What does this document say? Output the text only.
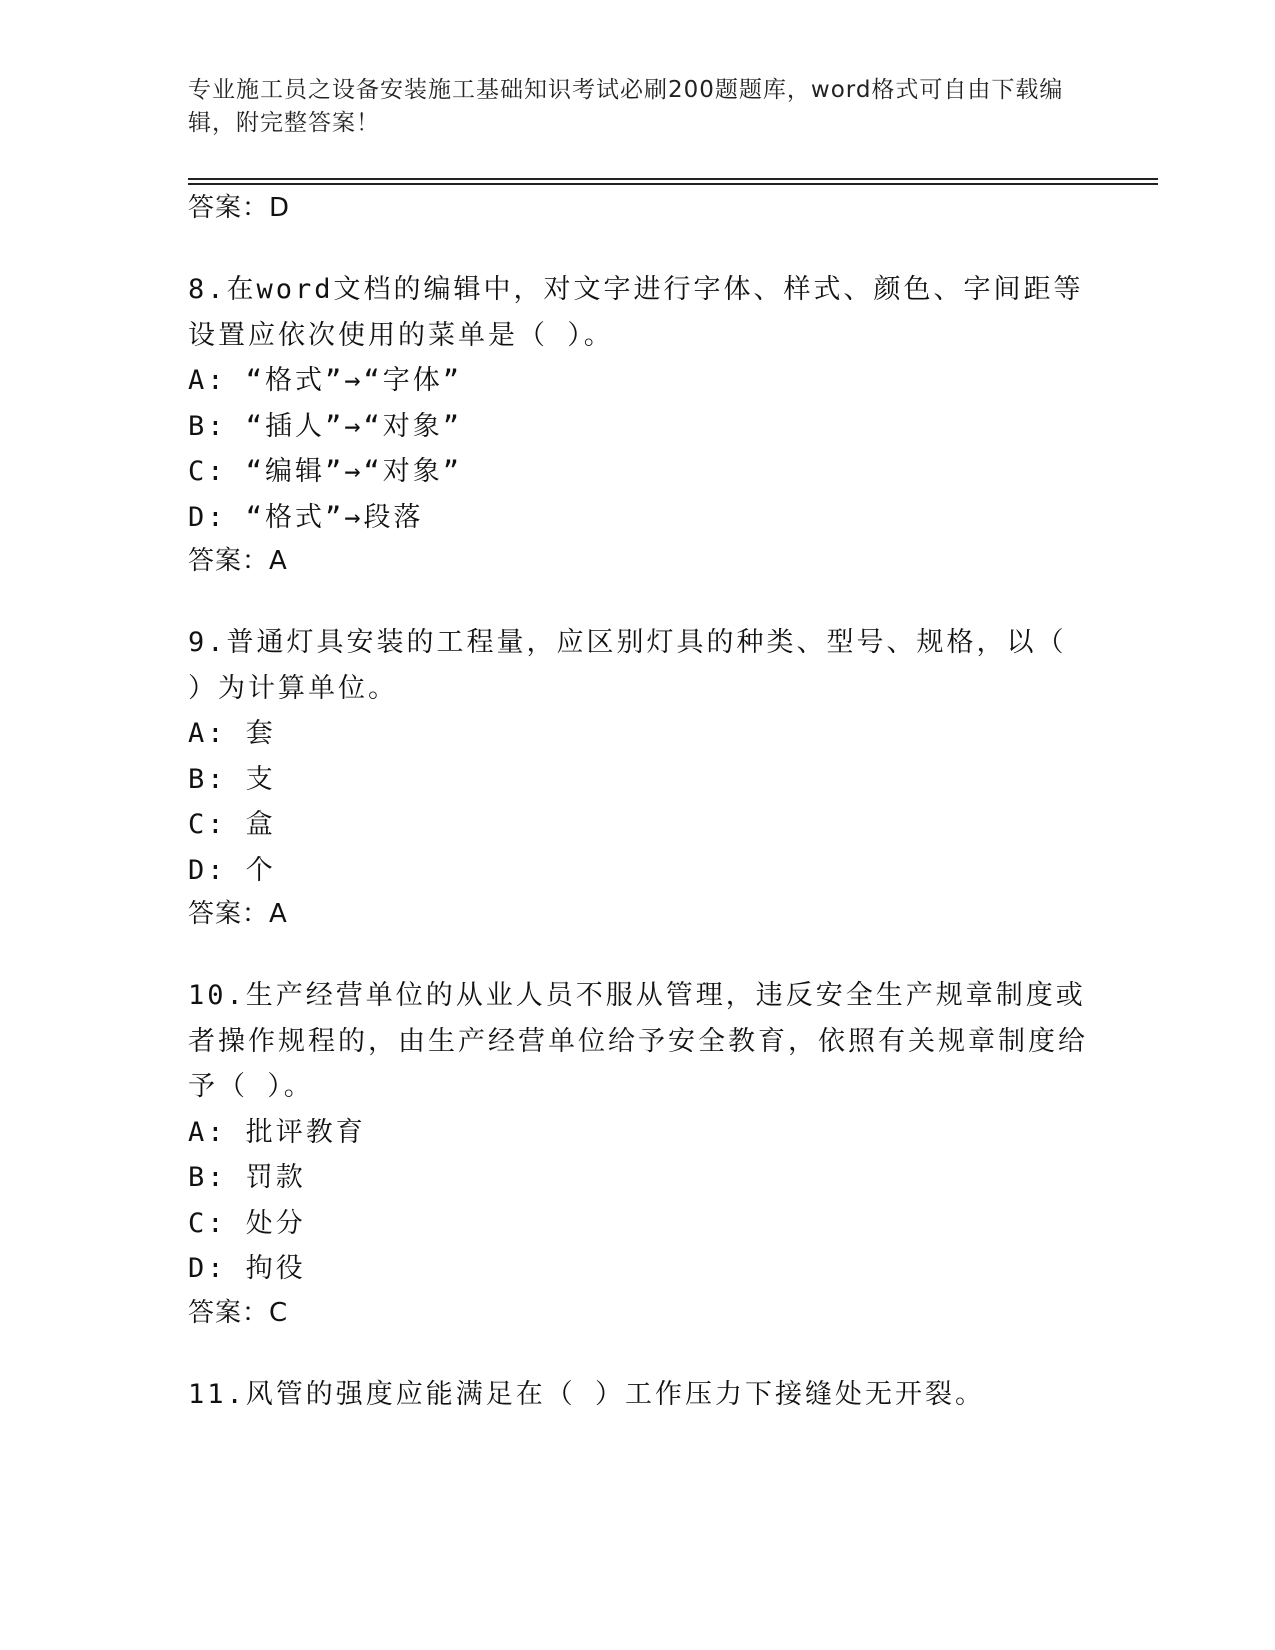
专业施工员之设备安装施工基础知识考试必刷200题题库，word格式可自由下载编辑，附完整答案！
答案：D
8.在word文档的编辑中，对文字进行字体、样式、颜色、字间距等设置应依次使用的菜单是（ ）。
A: “格式”→“字体”
B: “插人”→“对象”
C: “编辑”→“对象”
D: “格式”→段落
答案：A
9.普通灯具安装的工程量，应区别灯具的种类、型号、规格，以（ ）为计算单位。
A: 套
B: 支
C: 盒
D: 个
答案：A
10.生产经营单位的从业人员不服从管理，违反安全生产规章制度或者操作规程的，由生产经营单位给予安全教育，依照有关规章制度给予（ ）。
A: 批评教育
B: 罚款
C: 处分
D: 拘役
答案：C
11.风管的强度应能满足在（ ）工作压力下接缝处无开裂。
